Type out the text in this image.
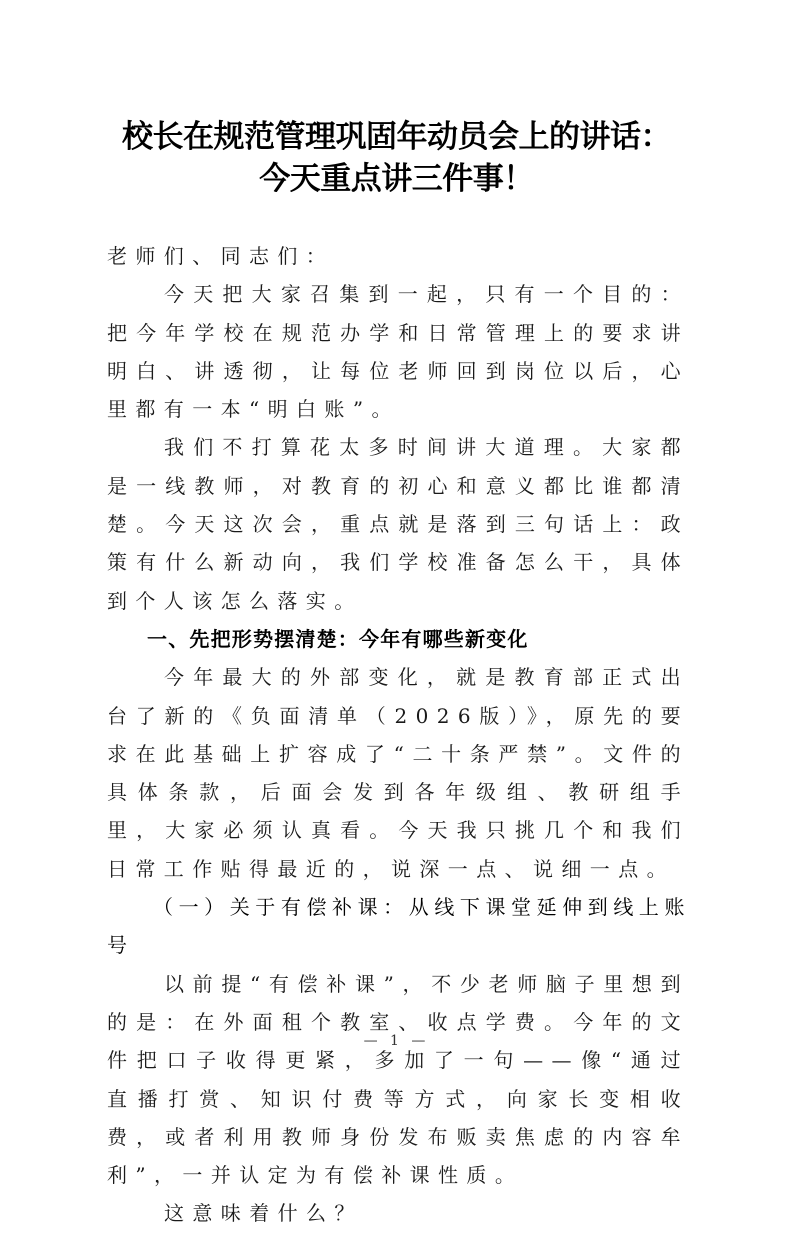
校长在规范管理巩固年动员会上的讲话：
今天重点讲三件事！

老师们、同志们：

今天把大家召集到一起，只有一个目的：把今年学校在规范办学和日常管理上的要求讲明白、讲透彻，让每位老师回到岗位以后，心里都有一本“明白账”。

我们不打算花太多时间讲大道理。大家都是一线教师，对教育的初心和意义都比谁都清楚。今天这次会，重点就是落到三句话上：政策有什么新动向，我们学校准备怎么干，具体到个人该怎么落实。

一、先把形势摆清楚：今年有哪些新变化

今年最大的外部变化，就是教育部正式出台了新的《负面清单（2026版）》，原先的要求在此基础上扩容成了“二十条严禁”。文件的具体条款，后面会发到各年级组、教研组手里，大家必须认真看。今天我只挑几个和我们日常工作贴得最近的，说深一点、说细一点。

（一）关于有偿补课：从线下课堂延伸到线上账号

以前提“有偿补课”，不少老师脑子里想到的是：在外面租个教室、收点学费。今年的文件把口子收得更紧，多加了一句——像“通过直播打赏、知识付费等方式，向家长变相收费，或者利用教师身份发布贩卖焦虑的内容牟利”，一并认定为有偿补课性质。

这意味着什么？

— 1 —
